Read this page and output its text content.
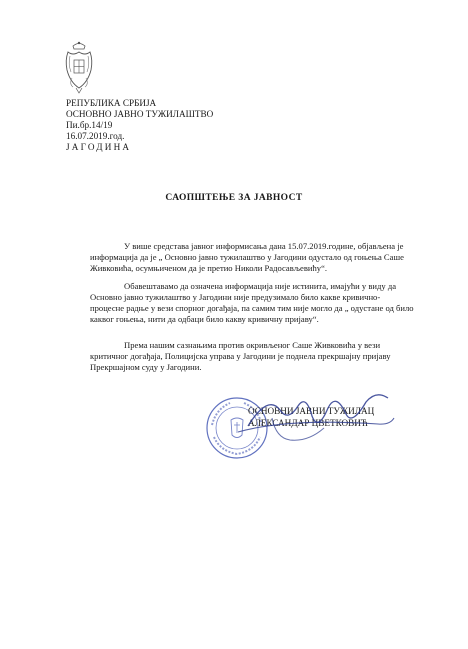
РЕПУБЛИКА СРБИЈА
ОСНОВНО ЈАВНО ТУЖИЛАШТВО
Пи.бр.14/19
16.07.2019.год.
ЈАГОДИНА
САОПШТЕЊЕ ЗА ЈАВНОСТ
У више средстава јавног информисања дана 15.07.2019.године, објављена је
информација да је „ Основно јавно тужилаштво у Јагодини одустало од гоњења Саше
Живковића, осумњиченом да је претио Николи Радосављевићу“.
Обавештавамо да означена информација није истинита, имајући у виду да
Основно јавно тужилаштво у Јагодини није предузимало било какве кривично-
процесне радње у вези спорног догађаја, па самим тим није могло да „ одустане од било
каквог гоњења, нити да одбаци било какву кривичну пријаву“.
Према нашим сазнањима против окривљеног Саше Живковића у вези
критичног догађаја, Полицијска управа у Јагодини је поднела прекршајну пријаву
Прекршајном суду у Јагодини.
ОСНОВНИ ЈАВНИ ТУЖИЛАЦ
АЛЕКСАНДАР ЦВЕТКОВИЋ
